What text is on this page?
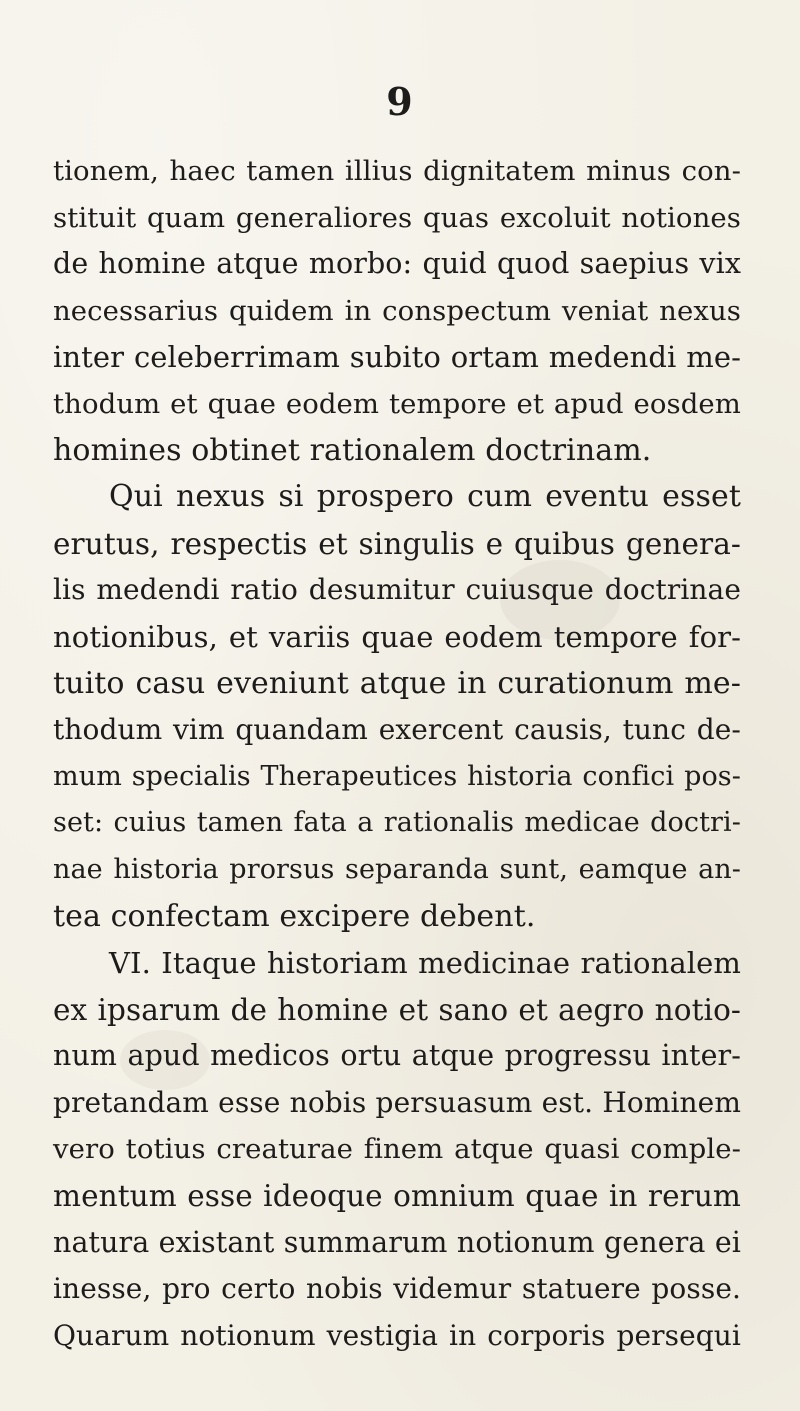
9
tionem, haec tamen illius dignitatem minus con-
stituit quam generaliores quas excoluit notiones
de homine atque morbo: quid quod saepius vix
necessarius quidem in conspectum veniat nexus
inter celeberrimam subito ortam medendi me-
thodum et quae eodem tempore et apud eosdem
homines obtinet rationalem doctrinam.
Qui nexus si prospero cum eventu esset
erutus, respectis et singulis e quibus genera-
lis medendi ratio desumitur cuiusque doctrinae
notionibus, et variis quae eodem tempore for-
tuito casu eveniunt atque in curationum me-
thodum vim quandam exercent causis, tunc de-
mum specialis Therapeutices historia confici pos-
set: cuius tamen fata a rationalis medicae doctri-
nae historia prorsus separanda sunt, eamque an-
tea confectam excipere debent.
VI. Itaque historiam medicinae rationalem
ex ipsarum de homine et sano et aegro notio-
num apud medicos ortu atque progressu inter-
pretandam esse nobis persuasum est. Hominem
vero totius creaturae finem atque quasi comple-
mentum esse ideoque omnium quae in rerum
natura existant summarum notionum genera ei
inesse, pro certo nobis videmur statuere posse.
Quarum notionum vestigia in corporis persequi
